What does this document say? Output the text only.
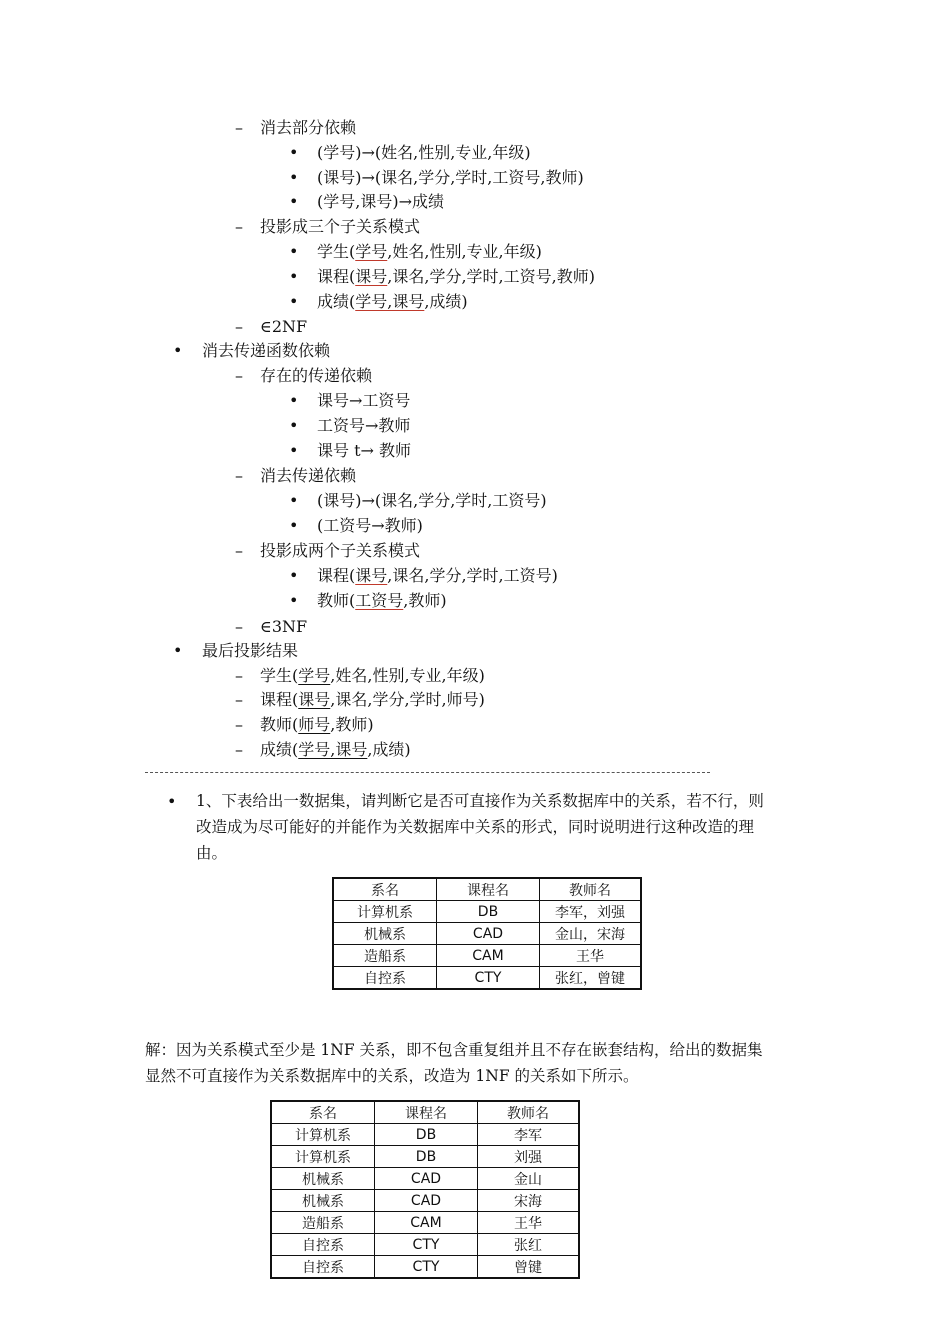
– 消去部分依赖
• (学号)→(姓名,性别,专业,年级)
• (课号)→(课名,学分,学时,工资号,教师)
• (学号,课号)→成绩
– 投影成三个子关系模式
• 学生(学号,姓名,性别,专业,年级)
• 课程(课号,课名,学分,学时,工资号,教师)
• 成绩(学号,课号,成绩)
– ∈2NF
• 消去传递函数依赖
– 存在的传递依赖
• 课号→工资号
• 工资号→教师
• 课号 t→ 教师
– 消去传递依赖
• (课号)→(课名,学分,学时,工资号)
• (工资号→教师)
– 投影成两个子关系模式
• 课程(课号,课名,学分,学时,工资号)
• 教师(工资号,教师)
– ∈3NF
• 最后投影结果
– 学生(学号,姓名,性别,专业,年级)
– 课程(课号,课名,学分,学时,师号)
– 教师(师号,教师)
– 成绩(学号,课号,成绩)
• 1、下表给出一数据集，请判断它是否可直接作为关系数据库中的关系，若不行，则
改造成为尽可能好的并能作为关数据库中关系的形式，同时说明进行这种改造的理
由。
系名	课程名	教师名
计算机系	DB	李军，刘强
机械系	CAD	金山，宋海
造船系	CAM	王华
自控系	CTY	张红，曾键
解：因为关系模式至少是 1NF 关系，即不包含重复组并且不存在嵌套结构，给出的数据集
显然不可直接作为关系数据库中的关系，改造为 1NF 的关系如下所示。
系名	课程名	教师名
计算机系	DB	李军
计算机系	DB	刘强
机械系	CAD	金山
机械系	CAD	宋海
造船系	CAM	王华
自控系	CTY	张红
自控系	CTY	曾键
